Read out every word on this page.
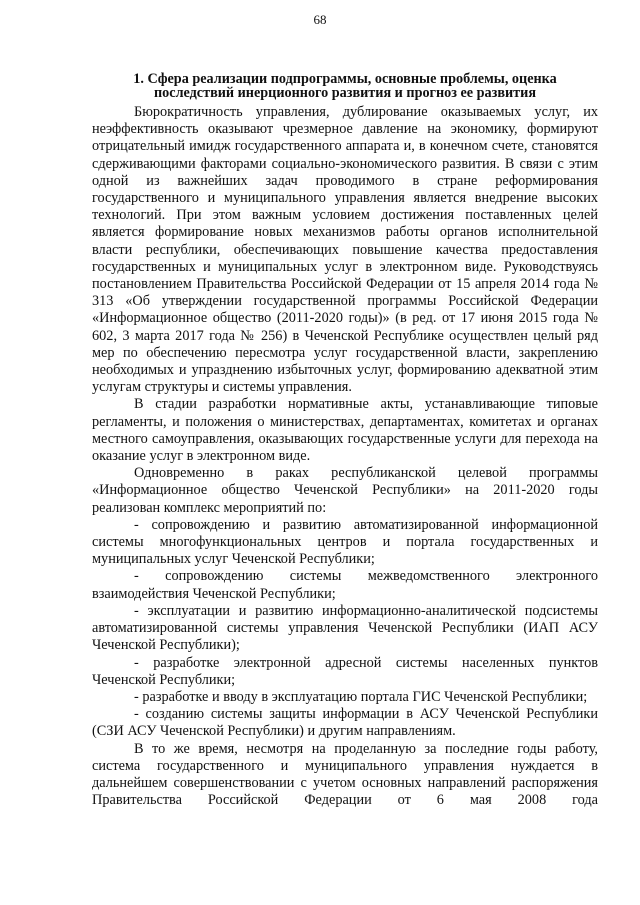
68
1. Сфера реализации подпрограммы, основные проблемы, оценка
последствий инерционного развития и прогноз ее развития

Бюрократичность управления, дублирование оказываемых услуг, их неэффективность оказывают чрезмерное давление на экономику, формируют отрицательный имидж государственного аппарата и, в конечном счете, становятся сдерживающими факторами социально-экономического развития. В связи с этим одной из важнейших задач проводимого в стране реформирования государственного и муниципального управления является внедрение высоких технологий. При этом важным условием достижения поставленных целей является формирование новых механизмов работы органов исполнительной власти республики, обеспечивающих повышение качества предоставления государственных и муниципальных услуг в электронном виде. Руководствуясь постановлением Правительства Российской Федерации от 15 апреля 2014 года № 313 «Об утверждении государственной программы Российской Федерации «Информационное общество (2011-2020 годы)» (в ред. от 17 июня 2015 года № 602, 3 марта 2017 года № 256) в Чеченской Республике осуществлен целый ряд мер по обеспечению пересмотра услуг государственной власти, закреплению необходимых и упразднению избыточных услуг, формированию адекватной этим услугам структуры и системы управления.

В стадии разработки нормативные акты, устанавливающие типовые регламенты, и положения о министерствах, департаментах, комитетах и органах местного самоуправления, оказывающих государственные услуги для перехода на оказание услуг в электронном виде.

Одновременно в раках республиканской целевой программы «Информационное общество Чеченской Республики» на 2011-2020 годы реализован комплекс мероприятий по:

- сопровождению и развитию автоматизированной информационной системы многофункциональных центров и портала государственных и муниципальных услуг Чеченской Республики;

- сопровождению системы межведомственного электронного взаимодействия Чеченской Республики;

- эксплуатации и развитию информационно-аналитической подсистемы автоматизированной системы управления Чеченской Республики (ИАП АСУ Чеченской Республики);

- разработке электронной адресной системы населенных пунктов Чеченской Республики;

- разработке и вводу в эксплуатацию портала ГИС Чеченской Республики;

- созданию системы защиты информации в АСУ Чеченской Республики (СЗИ АСУ Чеченской Республики) и другим направлениям.

В то же время, несмотря на проделанную за последние годы работу, система государственного и муниципального управления нуждается в дальнейшем совершенствовании с учетом основных направлений распоряжения Правительства Российской Федерации от 6 мая 2008 года
